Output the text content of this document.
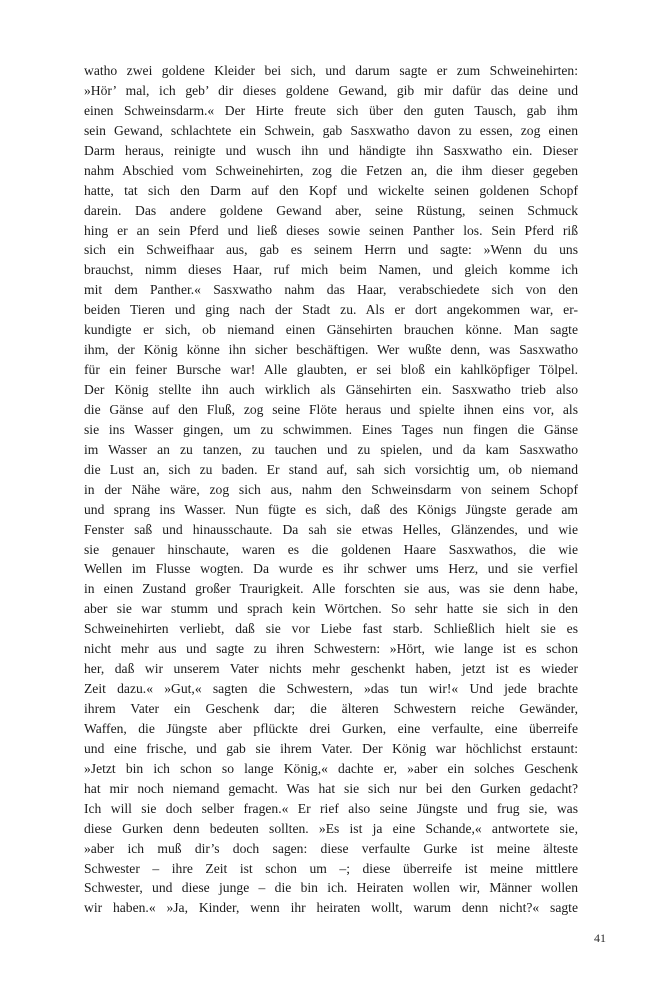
watho zwei goldene Kleider bei sich, und darum sagte er zum Schweinehirten:
»Hör’ mal, ich geb’ dir dieses goldene Gewand, gib mir dafür das deine und
einen Schweinsdarm.« Der Hirte freute sich über den guten Tausch, gab ihm
sein Gewand, schlachtete ein Schwein, gab Sasxwatho davon zu essen, zog einen
Darm heraus, reinigte und wusch ihn und händigte ihn Sasxwatho ein. Dieser
nahm Abschied vom Schweinehirten, zog die Fetzen an, die ihm dieser gegeben
hatte, tat sich den Darm auf den Kopf und wickelte seinen goldenen Schopf
darein. Das andere goldene Gewand aber, seine Rüstung, seinen Schmuck
hing er an sein Pferd und ließ dieses sowie seinen Panther los. Sein Pferd riß
sich ein Schweifhaar aus, gab es seinem Herrn und sagte: »Wenn du uns
brauchst, nimm dieses Haar, ruf mich beim Namen, und gleich komme ich
mit dem Panther.« Sasxwatho nahm das Haar, verabschiedete sich von den
beiden Tieren und ging nach der Stadt zu. Als er dort angekommen war, er-
kundigte er sich, ob niemand einen Gänsehirten brauchen könne. Man sagte
ihm, der König könne ihn sicher beschäftigen. Wer wußte denn, was Sasxwatho
für ein feiner Bursche war! Alle glaubten, er sei bloß ein kahlköpfiger Tölpel.
Der König stellte ihn auch wirklich als Gänsehirten ein. Sasxwatho trieb also
die Gänse auf den Fluß, zog seine Flöte heraus und spielte ihnen eins vor, als
sie ins Wasser gingen, um zu schwimmen. Eines Tages nun fingen die Gänse
im Wasser an zu tanzen, zu tauchen und zu spielen, und da kam Sasxwatho
die Lust an, sich zu baden. Er stand auf, sah sich vorsichtig um, ob niemand
in der Nähe wäre, zog sich aus, nahm den Schweinsdarm von seinem Schopf
und sprang ins Wasser. Nun fügte es sich, daß des Königs Jüngste gerade am
Fenster saß und hinausschaute. Da sah sie etwas Helles, Glänzendes, und wie
sie genauer hinschaute, waren es die goldenen Haare Sasxwathos, die wie
Wellen im Flusse wogten. Da wurde es ihr schwer ums Herz, und sie verfiel
in einen Zustand großer Traurigkeit. Alle forschten sie aus, was sie denn habe,
aber sie war stumm und sprach kein Wörtchen. So sehr hatte sie sich in den
Schweinehirten verliebt, daß sie vor Liebe fast starb. Schließlich hielt sie es
nicht mehr aus und sagte zu ihren Schwestern: »Hört, wie lange ist es schon
her, daß wir unserem Vater nichts mehr geschenkt haben, jetzt ist es wieder
Zeit dazu.« »Gut,« sagten die Schwestern, »das tun wir!« Und jede brachte
ihrem Vater ein Geschenk dar; die älteren Schwestern reiche Gewänder,
Waffen, die Jüngste aber pflückte drei Gurken, eine verfaulte, eine überreife
und eine frische, und gab sie ihrem Vater. Der König war höchlichst erstaunt:
»Jetzt bin ich schon so lange König,« dachte er, »aber ein solches Geschenk
hat mir noch niemand gemacht. Was hat sie sich nur bei den Gurken gedacht?
Ich will sie doch selber fragen.« Er rief also seine Jüngste und frug sie, was
diese Gurken denn bedeuten sollten. »Es ist ja eine Schande,« antwortete sie,
»aber ich muß dir’s doch sagen: diese verfaulte Gurke ist meine älteste
Schwester – ihre Zeit ist schon um –; diese überreife ist meine mittlere
Schwester, und diese junge – die bin ich. Heiraten wollen wir, Männer wollen
wir haben.« »Ja, Kinder, wenn ihr heiraten wollt, warum denn nicht?« sagte
41
